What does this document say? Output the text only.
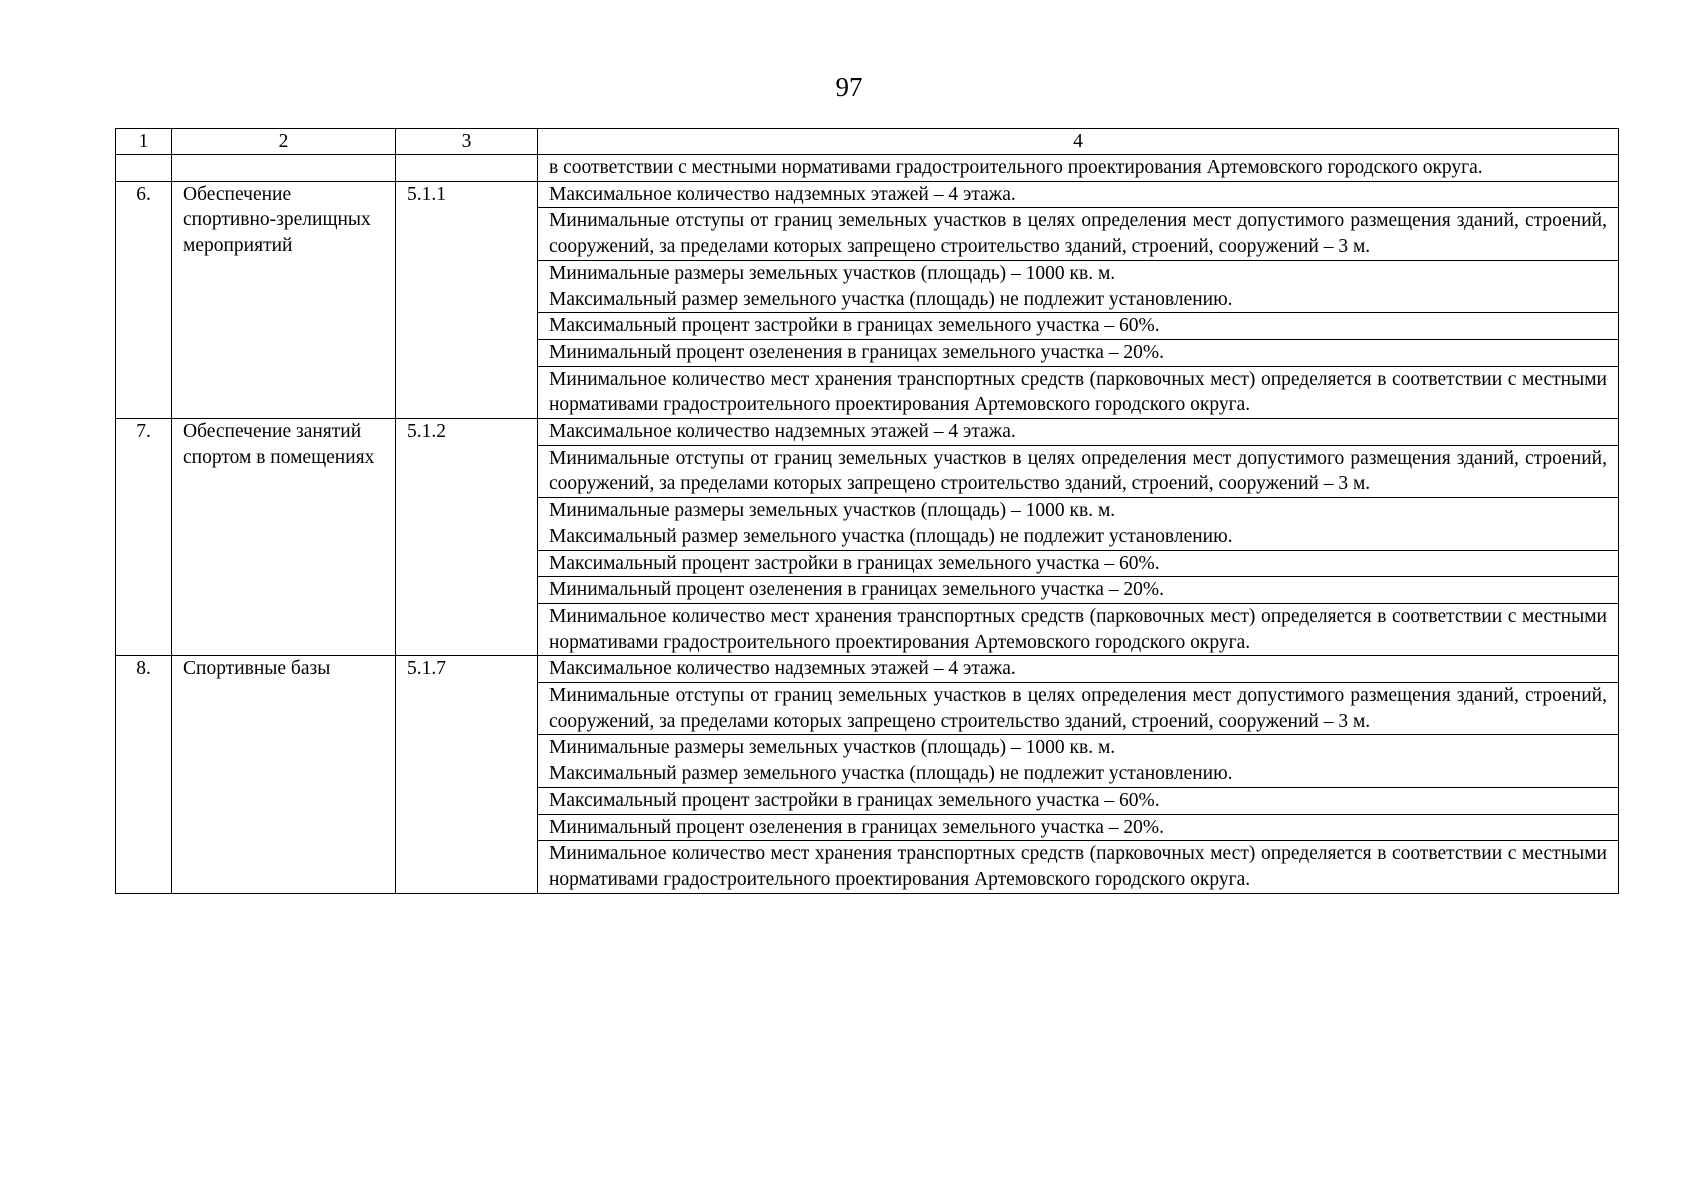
97
1	2	3	4
			в соответствии с местными нормативами градостроительного проектирования Артемовского городского округа.
6.	Обеспечение спортивно-зрелищных мероприятий	5.1.1	Максимальное количество надземных этажей – 4 этажа.
			Минимальные отступы от границ земельных участков в целях определения мест допустимого размещения зданий, строений, сооружений, за пределами которых запрещено строительство зданий, строений, сооружений – 3 м.

			Минимальные размеры земельных участков (площадь) – 1000 кв. м.
Максимальный размер земельного участка (площадь) не подлежит установлению.

			Максимальный процент застройки в границах земельного участка – 60%.
			Минимальный процент озеленения в границах земельного участка – 20%.
			Минимальное количество мест хранения транспортных средств (парковочных мест) определяется в соответствии с местными нормативами градостроительного проектирования Артемовского городского округа.
7.	Обеспечение занятий спортом в помещениях	5.1.2	Максимальное количество надземных этажей – 4 этажа.
			Минимальные отступы от границ земельных участков в целях определения мест допустимого размещения зданий, строений, сооружений, за пределами которых запрещено строительство зданий, строений, сооружений – 3 м.

			Минимальные размеры земельных участков (площадь) – 1000 кв. м.
Максимальный размер земельного участка (площадь) не подлежит установлению.

			Максимальный процент застройки в границах земельного участка – 60%.
			Минимальный процент озеленения в границах земельного участка – 20%.
			Минимальное количество мест хранения транспортных средств (парковочных мест) определяется в соответствии с местными нормативами градостроительного проектирования Артемовского городского округа.
8.	Спортивные базы	5.1.7	Максимальное количество надземных этажей – 4 этажа.
			Минимальные отступы от границ земельных участков в целях определения мест допустимого размещения зданий, строений, сооружений, за пределами которых запрещено строительство зданий, строений, сооружений – 3 м.

			Минимальные размеры земельных участков (площадь) – 1000 кв. м.
Максимальный размер земельного участка (площадь) не подлежит установлению.

			Максимальный процент застройки в границах земельного участка – 60%.
			Минимальный процент озеленения в границах земельного участка – 20%.
			Минимальное количество мест хранения транспортных средств (парковочных мест) определяется в соответствии с местными нормативами градостроительного проектирования Артемовского городского округа.
